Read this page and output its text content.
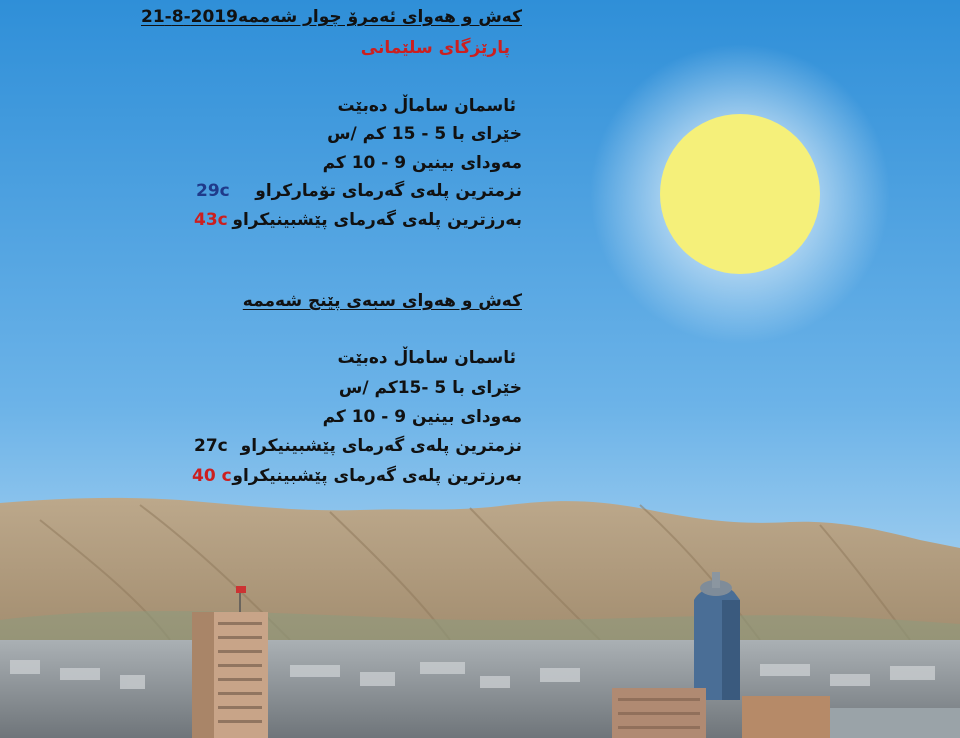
کەش و هەوای ئەمرۆ چوار شەممە2019-8-21
پارێزگای سلێمانی
ئاسمان ساماڵ دەبێت
خێرای با 5 - 15 کم /س
مەودای بینین 9 - 10 کم
نزمترین پلەی گەرمای تۆمارکراو
29c
بەرزترین پلەی گەرمای پێشبینیکراو
43c
کەش و هەوای سبەی پێنج شەممە
ئاسمان ساماڵ دەبێت
خێرای با 5 -15کم /س
مەودای بینین 9 - 10 کم
نزمترین پلەی گەرمای پێشبینیکراو
27c
بەرزترین پلەی گەرمای پێشبینیکراو
40 c
